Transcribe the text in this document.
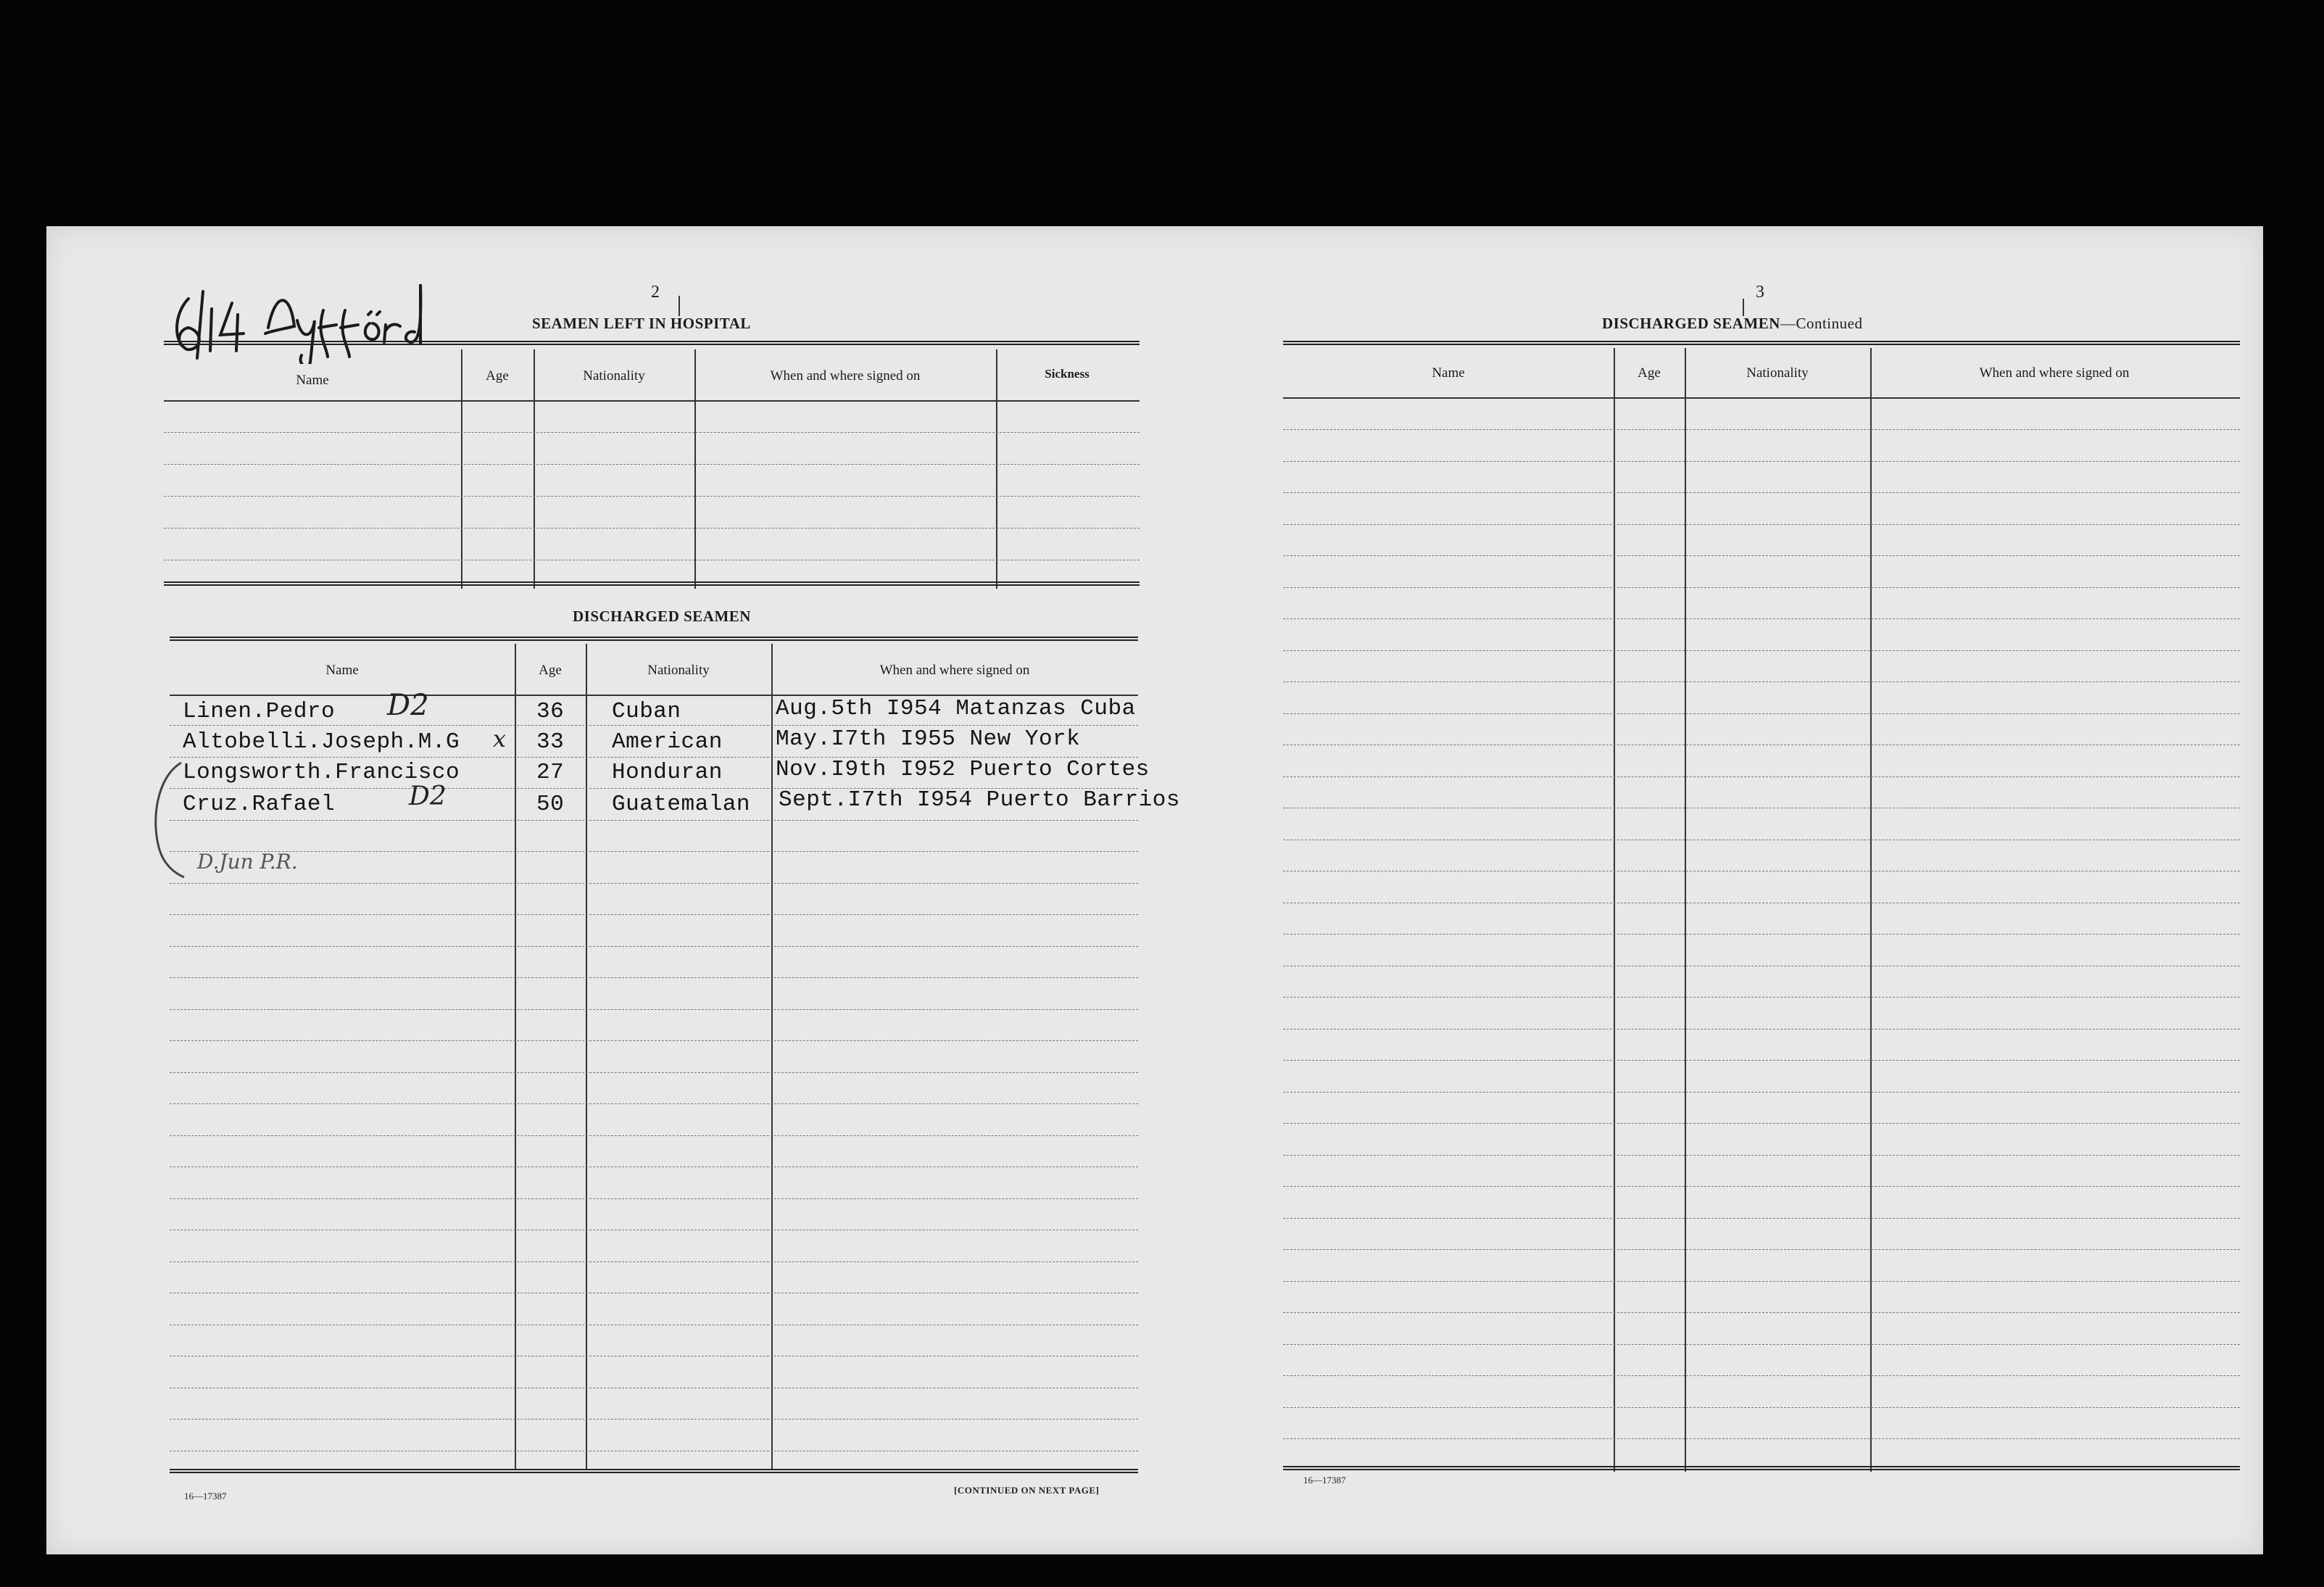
2
SEAMEN LEFT IN HOSPITAL
Name	Age	Nationality	When and where signed on	Sickness
DISCHARGED SEAMEN
Name	Age	Nationality	When and where signed on
Linen.Pedro	36 Cuban	Aug.5th I954 Matanzas Cuba
Altobelli.Joseph.M.G	33 American May.I7th I955 New York
Longsworth.Francisco	27 Honduran Nov.I9th I952 Puerto Cortes
Cruz.Rafael	50 Guatemalan Sept.I7th I954 Puerto Barrios
D2
x
D2
D.Jun P.R.
16—17387
[CONTINUED ON NEXT PAGE]
3
DISCHARGED SEAMEN—Continued
Name	Age	Nationality	When and where signed on
16—17387
